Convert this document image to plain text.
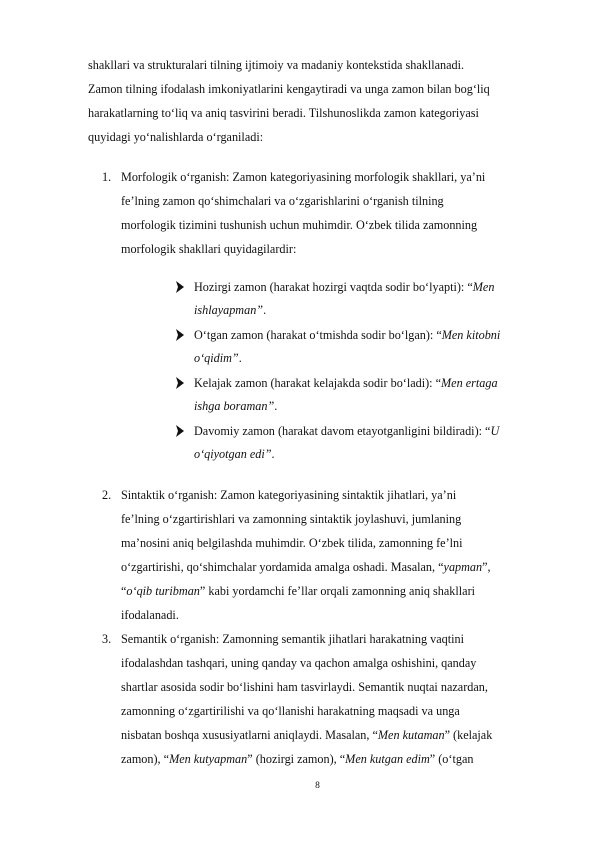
shakllari va strukturalari tilning ijtimoiy va madaniy kontekstida shakllanadi.
Zamon tilning ifodalash imkoniyatlarini kengaytiradi va unga zamon bilan bog‘liq
harakatlarning to‘liq va aniq tasvirini beradi. Tilshunoslikda zamon kategoriyasi
quyidagi yo‘nalishlarda o‘rganiladi:
1. Morfologik o‘rganish: Zamon kategoriyasining morfologik shakllari, ya’ni
fe’lning zamon qo‘shimchalari va o‘zgarishlarini o‘rganish tilning
morfologik tizimini tushunish uchun muhimdir. O‘zbek tilida zamonning
morfologik shakllari quyidagilardir:
Hozirgi zamon (harakat hozirgi vaqtda sodir bo‘lyapti): “Men
ishlayapman”.
O‘tgan zamon (harakat o‘tmishda sodir bo‘lgan): “Men kitobni
o‘qidim”.
Kelajak zamon (harakat kelajakda sodir bo‘ladi): “Men ertaga
ishga boraman”.
Davomiy zamon (harakat davom etayotganligini bildiradi): “U
o‘qiyotgan edi”.
2. Sintaktik o‘rganish: Zamon kategoriyasining sintaktik jihatlari, ya’ni
fe’lning o‘zgartirishlari va zamonning sintaktik joylashuvi, jumlaning
ma’nosini aniq belgilashda muhimdir. O‘zbek tilida, zamonning fe’lni
o‘zgartirishi, qo‘shimchalar yordamida amalga oshadi. Masalan, “yapman”,
“o‘qib turibman” kabi yordamchi fe’llar orqali zamonning aniq shakllari
ifodalanadi.
3. Semantik o‘rganish: Zamonning semantik jihatlari harakatning vaqtini
ifodalashdan tashqari, uning qanday va qachon amalga oshishini, qanday
shartlar asosida sodir bo‘lishini ham tasvirlaydi. Semantik nuqtai nazardan,
zamonning o‘zgartirilishi va qo‘llanishi harakatning maqsadi va unga
nisbatan boshqa xususiyatlarni aniqlaydi. Masalan, “Men kutaman” (kelajak
zamon), “Men kutyapman” (hozirgi zamon), “Men kutgan edim” (o‘tgan
8
